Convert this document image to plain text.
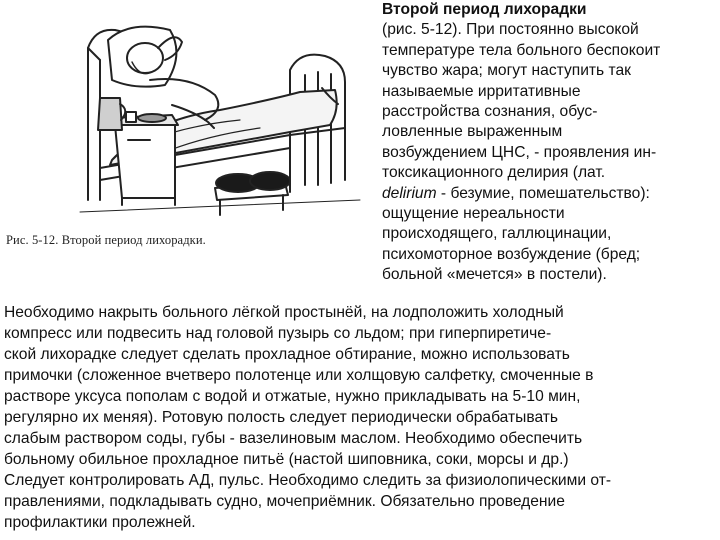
Рис. 5-12. Второй период лихорадки.
Второй период лихорадки
(рис. 5-12). При постоянно высокой
температуре тела больного беспокоит
чувство жара; могут наступить так
называемые ирритативные
расстройства сознания, обус-
ловленные выраженным
возбуждением ЦНС, - проявления ин-
токсикационного делирия (лат.
delirium - безумие, помешательство):
ощущение нереальности
происходящего, галлюцинации,
психомоторное возбуждение (бред;
больной «мечется» в постели).
Необходимо накрыть больного лёгкой простынёй, на лодположить холодный
компресс или подвесить над головой пузырь со льдом; при гиперпиретиче-
ской лихорадке следует сделать прохладное обтирание, можно использовать
примочки (сложенное вчетверо полотенце или холщовую салфетку, смоченные в
растворе уксуса пополам с водой и отжатые, нужно прикладывать на 5-10 мин,
регулярно их меняя). Ротовую полость следует периодически обрабатывать
слабым раствором соды, губы - вазелиновым маслом. Необходимо обеспечить
больному обильное прохладное питьё (настой шиповника, соки, морсы и др.)
Следует контролировать АД, пульс. Необходимо следить за физиолопическими от-
правлениями, подкладывать судно, мочеприёмник. Обязательно проведение
профилактики пролежней.
